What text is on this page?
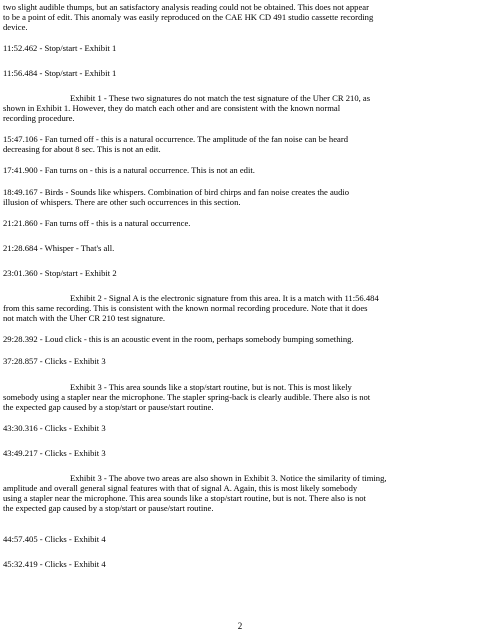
two slight audible thumps, but an satisfactory analysis reading could not be obtained. This does not appear
to be a point of edit. This anomaly was easily reproduced on the CAE HK CD 491 studio cassette recording
device.
11:52.462 - Stop/start - Exhibit 1
11:56.484 - Stop/start - Exhibit 1
Exhibit 1 - These two signatures do not match the test signature of the Uher CR 210, as
shown in Exhibit 1. However, they do match each other and are consistent with the known normal
recording procedure.
15:47.106 - Fan turned off - this is a natural occurrence. The amplitude of the fan noise can be heard
decreasing for about 8 sec. This is not an edit.
17:41.900 - Fan turns on - this is a natural occurrence. This is not an edit.
18:49.167 - Birds - Sounds like whispers. Combination of bird chirps and fan noise creates the audio
illusion of whispers. There are other such occurrences in this section.
21:21.860 - Fan turns off - this is a natural occurrence.
21:28.684 - Whisper - That's all.
23:01.360 - Stop/start - Exhibit 2
Exhibit 2 - Signal A is the electronic signature from this area. It is a match with 11:56.484
from this same recording. This is consistent with the known normal recording procedure. Note that it does
not match with the Uher CR 210 test signature.
29:28.392 - Loud click - this is an acoustic event in the room, perhaps somebody bumping something.
37:28.857 - Clicks - Exhibit 3
Exhibit 3 - This area sounds like a stop/start routine, but is not. This is most likely
somebody using a stapler near the microphone. The stapler spring-back is clearly audible. There also is not
the expected gap caused by a stop/start or pause/start routine.
43:30.316 - Clicks - Exhibit 3
43:49.217 - Clicks - Exhibit 3
Exhibit 3 - The above two areas are also shown in Exhibit 3. Notice the similarity of timing,
amplitude and overall general signal features with that of signal A. Again, this is most likely somebody
using a stapler near the microphone. This area sounds like a stop/start routine, but is not. There also is not
the expected gap caused by a stop/start or pause/start routine.
44:57.405 - Clicks - Exhibit 4
45:32.419 - Clicks - Exhibit 4
2
